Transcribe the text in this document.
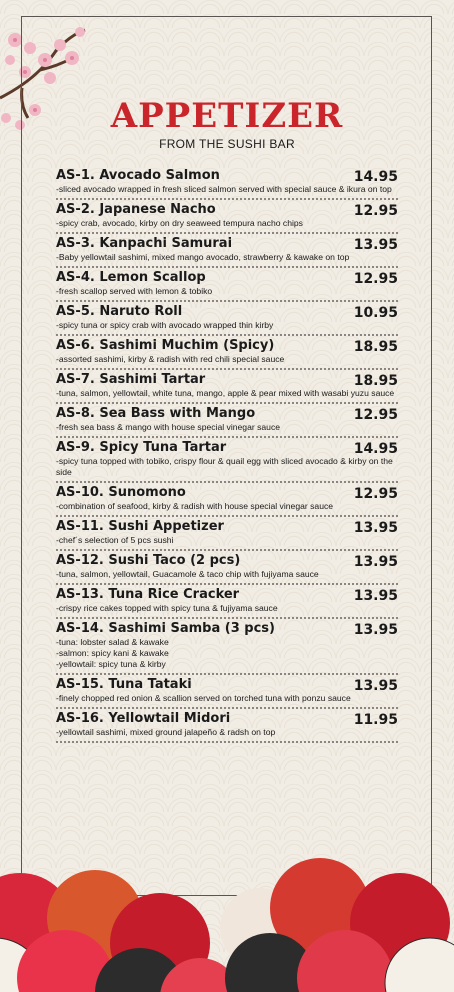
APPETIZER
FROM THE SUSHI BAR
AS-1. Avocado Salmon	14.95
-sliced avocado wrapped in fresh sliced salmon served with special sauce & ikura on top
AS-2. Japanese Nacho	12.95
-spicy crab, avocado, kirby on dry seaweed tempura nacho chips
AS-3. Kanpachi Samurai	13.95
-Baby yellowtail sashimi, mixed mango avocado, strawberry & kawake on top
AS-4. Lemon Scallop	12.95
-fresh scallop served with lemon & tobiko
AS-5. Naruto Roll	10.95
-spicy tuna or spicy crab with avocado wrapped thin kirby
AS-6. Sashimi Muchim (Spicy)	18.95
-assorted sashimi, kirby & radish with red chili special sauce
AS-7. Sashimi Tartar	18.95
-tuna, salmon, yellowtail, white tuna, mango, apple & pear mixed with wasabi yuzu sauce
AS-8. Sea Bass with Mango	12.95
-fresh sea bass & mango with house special vinegar sauce
AS-9. Spicy Tuna Tartar	14.95
-spicy tuna topped with tobiko, crispy flour & quail egg with sliced avocado & kirby on the side
AS-10. Sunomono	12.95
-combination of seafood, kirby & radish with house special vinegar sauce
AS-11. Sushi Appetizer	13.95
-chef´s selection of 5 pcs sushi
AS-12. Sushi Taco (2 pcs)	13.95
-tuna, salmon, yellowtail, Guacamole & taco chip with fujiyama sauce
AS-13. Tuna Rice Cracker	13.95
-crispy rice cakes topped with spicy tuna & fujiyama sauce
AS-14. Sashimi Samba (3 pcs)	13.95
-tuna: lobster salad & kawake
-salmon: spicy kani & kawake
-yellowtail: spicy tuna & kirby
AS-15. Tuna Tataki	13.95
-finely chopped red onion & scallion served on torched tuna with ponzu sauce
AS-16. Yellowtail Midori	11.95
-yellowtail sashimi, mixed ground jalapeño & radsh on top
